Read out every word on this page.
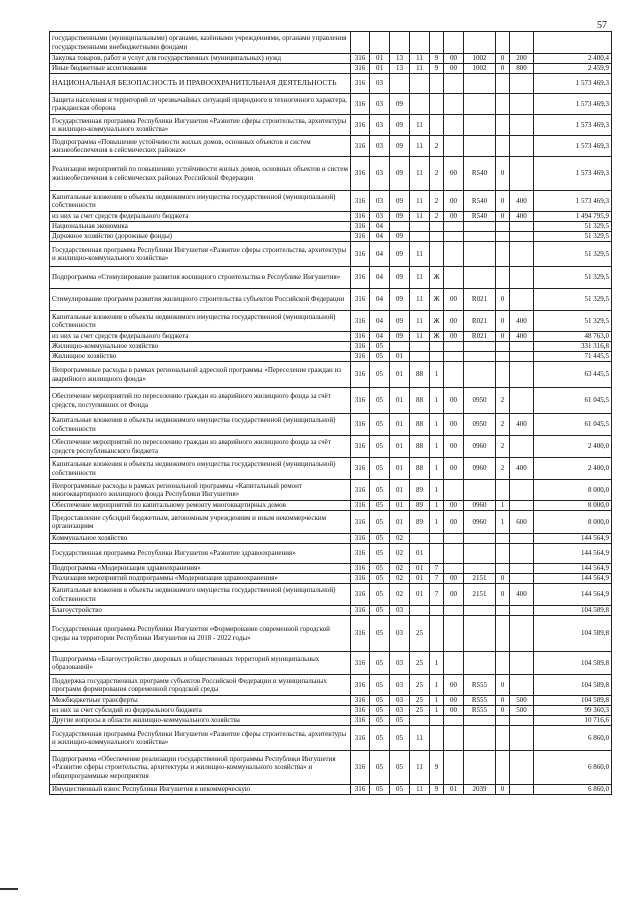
57
государственными (муниципальными) органами, казёнными учреждениями, органами управления государственными внебюджетными фондами										
Закупка товаров, работ и услуг для государственных (муниципальных) нужд	316	01	13	11	9	00	1002	0	200	2 400,4
Иные бюджетные ассигнования	316	01	13	11	9	00	1002	0	800	2 459,9
НАЦИОНАЛЬНАЯ БЕЗОПАСНОСТЬ И ПРАВООХРАНИТЕЛЬНАЯ ДЕЯТЕЛЬНОСТЬ	316	03								1 573 469,3
Защита населения и территорий от чрезвычайных ситуаций природного и техногенного характера, гражданская оборона	316	03	09							1 573 469,3
Государственная программа Республики Ингушетия «Развитие сферы строительства, архитектуры и жилищно-коммунального хозяйства»	316	03	09	11						1 573 469,3
Подпрограмма «Повышение устойчивости жилых домов, основных объектов и систем жизнеобеспечения в сейсмических районах»	316	03	09	11	2					1 573 469,3
Реализация мероприятий по повышению устойчивости жилых домов, основных объектов и систем жизнеобеспечения в сейсмических районах Российской Федерации	316	03	09	11	2	00	R540	0		1 573 469,3
Капитальные вложения в объекты недвижимого имущества государственной (муниципальной) собственности	316	03	09	11	2	00	R540	0	400	1 573 469,3
из них за счет средств федерального бюджета	316	03	09	11	2	00	R540	0	400	1 494 795,9
Национальная экономика	316	04								51 329,5
Дорожное хозяйство (дорожные фонды)	316	04	09							51 329,5
Государственная программа Республики Ингушетия «Развитие сферы строительства, архитектуры и жилищно-коммунального хозяйства»	316	04	09	11						51 329,5
Подпрограмма «Стимулирование развития жилищного строительства в Республике Ингушетия»	316	04	09	11	Ж					51 329,5
Стимулирование программ развития жилищного строительства субъектов Российской Федерации	316	04	09	11	Ж	00	R021	0		51 329,5
Капитальные вложения в объекты недвижимого имущества государственной (муниципальной) собственности	316	04	09	11	Ж	00	R021	0	400	51 329,5
из них за счет средств федерального бюджета	316	04	09	11	Ж	00	R021	0	400	48 763,0
Жилищно-коммунальное хозяйство	316	05								331 316,8
Жилищное хозяйство	316	05	01							71 445,5
Непрограммные расходы в рамках региональной адресной программы «Переселение граждан из аварийного жилищного фонда»	316	05	01	88	1					63 445,5
Обеспечение мероприятий по переселению граждан из аварийного жилищного фонда за счёт средств, поступивших от Фонда	316	05	01	88	1	00	0950	2		61 045,5
Капитальные вложения в объекты недвижимого имущества государственной (муниципальной) собственности	316	05	01	88	1	00	0950	2	400	61 045,5
Обеспечение мероприятий по переселению граждан из аварийного жилищного фонда за счёт средств республиканского бюджета	316	05	01	88	1	00	0960	2		2 400,0
Капитальные вложения в объекты недвижимого имущества государственной (муниципальной) собственности	316	05	01	88	1	00	0960	2	400	2 400,0
Непрограммные расходы в рамках региональной программы «Капитальный ремонт многоквартирного жилищного фонда Республики Ингушетия»	316	05	01	89	1					8 000,0
Обеспечение мероприятий по капитальному ремонту многоквартирных домов	316	05	01	89	1	00	0960	1		8 000,0
Предоставление субсидий бюджетным, автономным учреждениям и иным некоммерческим организациям	316	05	01	89	1	00	0960	1	600	8 000,0
Коммунальное хозяйство	316	05	02							144 564,9
Государственная программа Республики Ингушетия «Развитие здравоохранения»	316	05	02	01						144 564,9
Подпрограмма «Модернизация здравоохранения»	316	05	02	01	7					144 564,9
Реализация мероприятий подпрограммы «Модернизация здравоохранения»	316	05	02	01	7	00	2151	0		144 564,9
Капитальные вложения в объекты недвижимого имущества государственной (муниципальной) собственности	316	05	02	01	7	00	2151	0	400	144 564,9
Благоустройство	316	05	03							104 589,8
Государственная программа Республики Ингушетия «Формирование современной городской среды на территории Республики Ингушетия на 2018 - 2022 годы»	316	05	03	25						104 589,8
Подпрограмма «Благоустройство дворовых и общественных территорий муниципальных образований»	316	05	03	25	1					104 589,8
Поддержка государственных программ субъектов Российской Федерации и муниципальных программ формирования современной городской среды	316	05	03	25	1	00	R555	0		104 589,8
Межбюджетные трансферты	316	05	03	25	1	00	R555	0	500	104 589,8
из них за счет субсидий из федерального бюджета	316	05	03	25	1	00	R555	0	500	99 360,3
Другие вопросы в области жилищно-коммунального хозяйства	316	05	05							10 716,6
Государственная программа Республики Ингушетия «Развитие сферы строительства, архитектуры и жилищно-коммунального хозяйства»	316	05	05	11						6 860,0
Подпрограмма «Обеспечение реализации государственной программы Республики Ингушетия «Развитие сферы строительства, архитектуры и жилищно-коммунального хозяйства» и общепрограммные мероприятия	316	05	05	11	9					6 860,0
Имущественный взнос Республики Ингушетия в некоммерческую	316	05	05	11	9	01	2039	0		6 860,0
